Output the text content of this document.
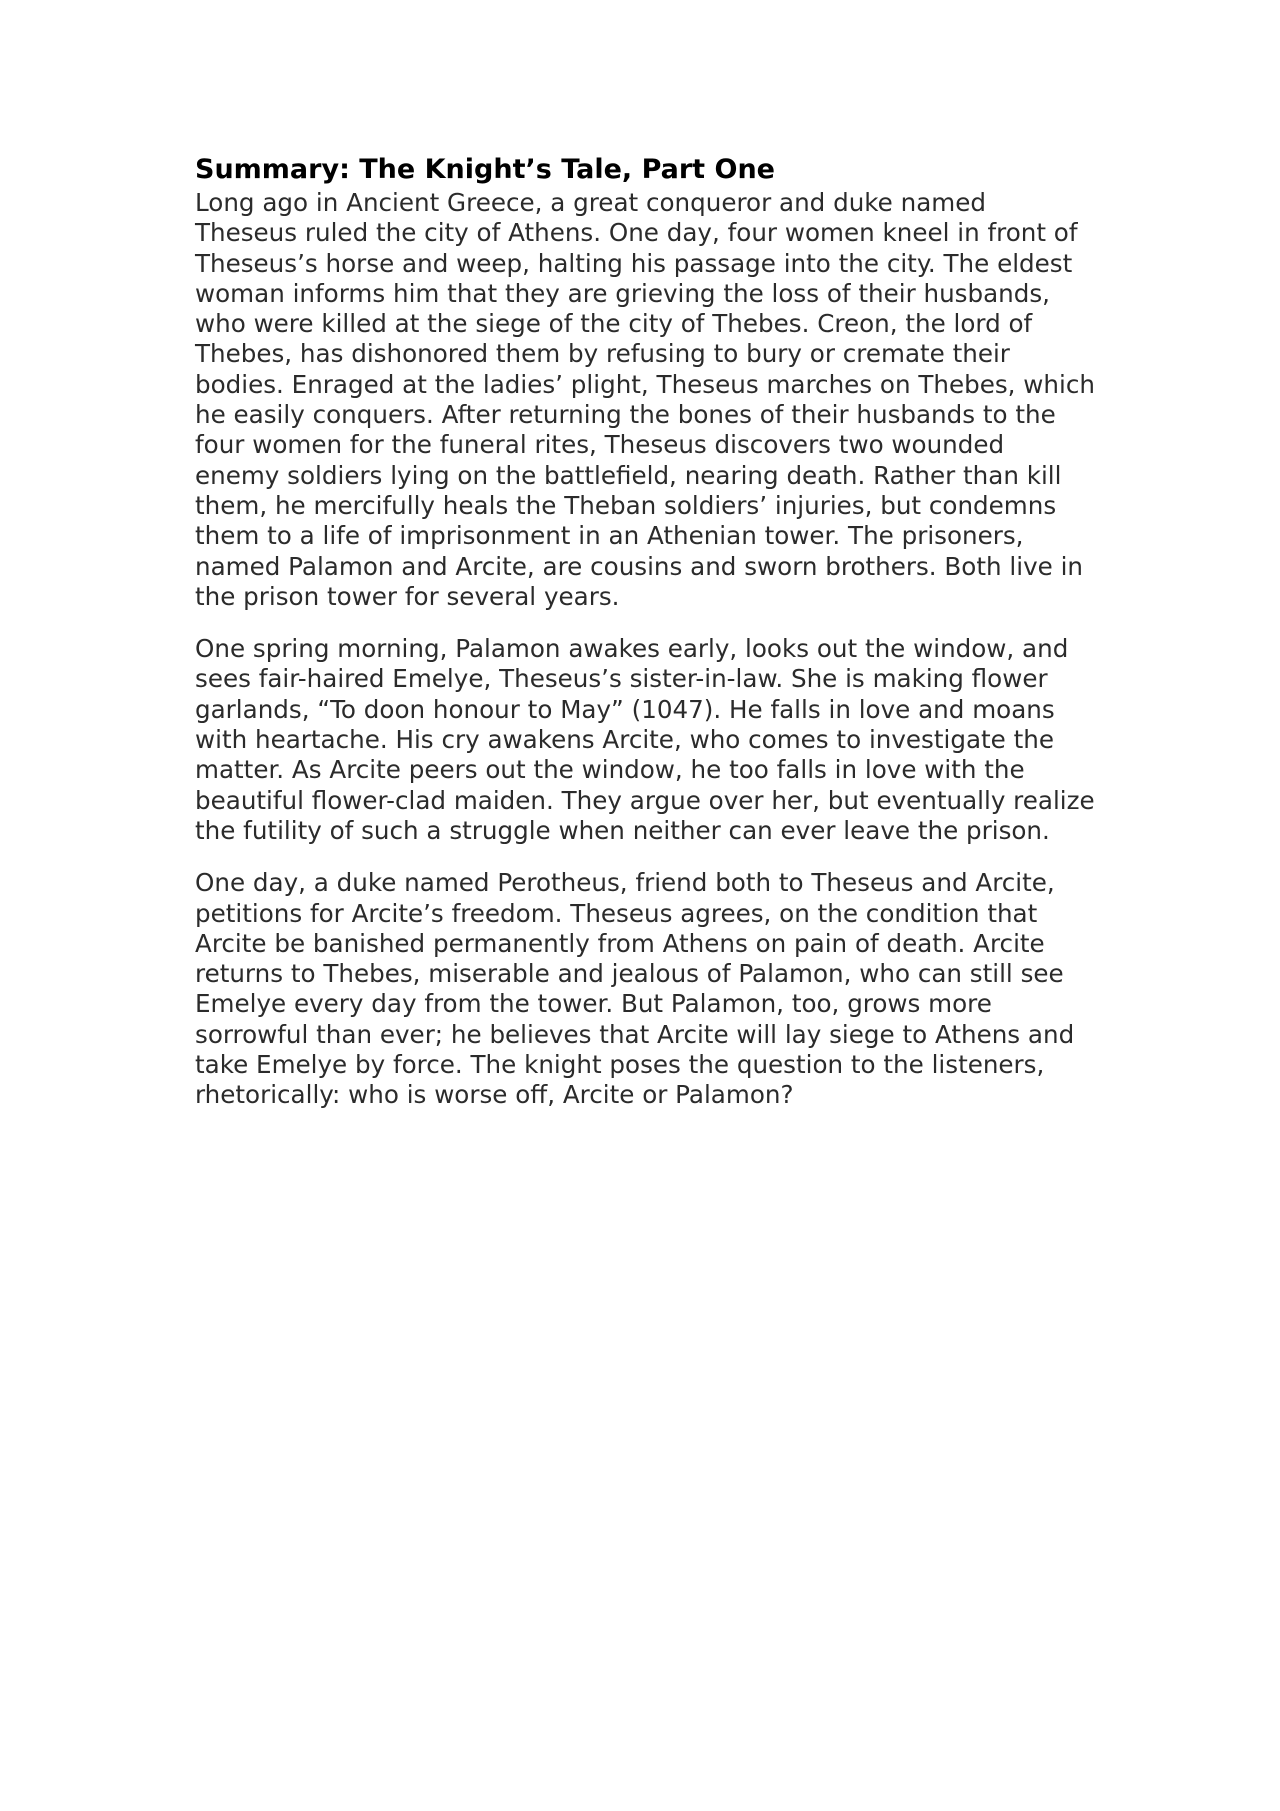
Summary: The Knight’s Tale, Part One

Long ago in Ancient Greece, a great conqueror and duke named Theseus ruled the city of Athens. One day, four women kneel in front of Theseus’s horse and weep, halting his passage into the city. The eldest woman informs him that they are grieving the loss of their husbands, who were killed at the siege of the city of Thebes. Creon, the lord of Thebes, has dishonored them by refusing to bury or cremate their bodies. Enraged at the ladies’ plight, Theseus marches on Thebes, which he easily conquers. After returning the bones of their husbands to the four women for the funeral rites, Theseus discovers two wounded enemy soldiers lying on the battlefield, nearing death. Rather than kill them, he mercifully heals the Theban soldiers’ injuries, but condemns them to a life of imprisonment in an Athenian tower. The prisoners, named Palamon and Arcite, are cousins and sworn brothers. Both live in the prison tower for several years.

One spring morning, Palamon awakes early, looks out the window, and sees fair-haired Emelye, Theseus’s sister-in-law. She is making flower garlands, “To doon honour to May” (1047). He falls in love and moans with heartache. His cry awakens Arcite, who comes to investigate the matter. As Arcite peers out the window, he too falls in love with the beautiful flower-clad maiden. They argue over her, but eventually realize the futility of such a struggle when neither can ever leave the prison.

One day, a duke named Perotheus, friend both to Theseus and Arcite, petitions for Arcite’s freedom. Theseus agrees, on the condition that Arcite be banished permanently from Athens on pain of death. Arcite returns to Thebes, miserable and jealous of Palamon, who can still see Emelye every day from the tower. But Palamon, too, grows more sorrowful than ever; he believes that Arcite will lay siege to Athens and take Emelye by force. The knight poses the question to the listeners, rhetorically: who is worse off, Arcite or Palamon?
